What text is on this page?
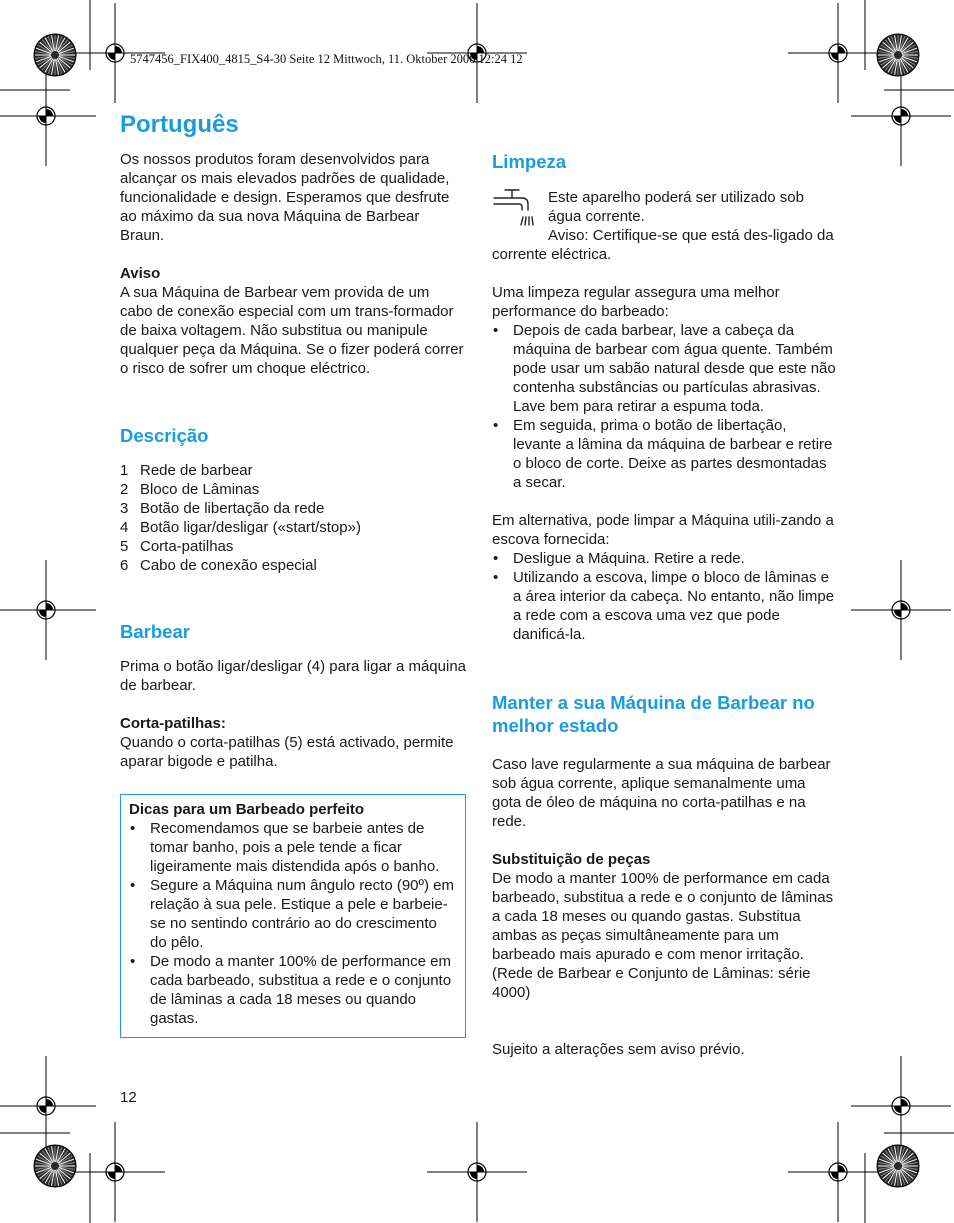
5747456_FIX400_4815_S4-30 Seite 12 Mittwoch, 11. Oktober 2006 12:24 12
Português

Os nossos produtos foram desenvolvidos para alcançar os mais elevados padrões de qualidade, funcionalidade e design. Esperamos que desfrute ao máximo da sua nova Máquina de Barbear Braun.

Aviso

A sua Máquina de Barbear vem provida de um cabo de conexão especial com um trans-formador de baixa voltagem. Não substitua ou manipule qualquer peça da Máquina. Se o fizer poderá correr o risco de sofrer um choque eléctrico.

Descrição
1 Rede de barbear
2 Bloco de Lâminas
3 Botão de libertação da rede
4 Botão ligar/desligar («start/stop»)
5 Corta-patilhas
6 Cabo de conexão especial
Barbear

Prima o botão ligar/desligar (4) para ligar a máquina de barbear.

Corta-patilhas:

Quando o corta-patilhas (5) está activado, permite aparar bigode e patilha.

Dicas para um Barbeado perfeito

• Recomendamos que se barbeie antes de tomar banho, pois a pele tende a ficar ligeiramente mais distendida após o banho.
• Segure a Máquina num ângulo recto (90º) em relação à sua pele. Estique a pele e barbeie-se no sentindo contrário ao do crescimento do pêlo.
• De modo a manter 100% de performance em cada barbeado, substitua a rede e o conjunto de lâminas a cada 18 meses ou quando gastas.
Limpeza

Este aparelho poderá ser utilizado sob água corrente.

Aviso: Certifique-se que está des-ligado da corrente eléctrica.

Uma limpeza regular assegura uma melhor performance do barbeado:

• Depois de cada barbear, lave a cabeça da máquina de barbear com água quente. Também pode usar um sabão natural desde que este não contenha substâncias ou partículas abrasivas. Lave bem para retirar a espuma toda.
• Em seguida, prima o botão de libertação, levante a lâmina da máquina de barbear e retire o bloco de corte. Deixe as partes desmontadas a secar.

Em alternativa, pode limpar a Máquina utili-zando a escova fornecida:

• Desligue a Máquina. Retire a rede.
• Utilizando a escova, limpe o bloco de lâminas e a área interior da cabeça. No entanto, não limpe a rede com a escova uma vez que pode danificá-la.
Manter a sua Máquina de Barbear no melhor estado

Caso lave regularmente a sua máquina de barbear sob água corrente, aplique semanalmente uma gota de óleo de máquina no corta-patilhas e na rede.

Substituição de peças

De modo a manter 100% de performance em cada barbeado, substitua a rede e o conjunto de lâminas a cada 18 meses ou quando gastas. Substitua ambas as peças simultâneamente para um barbeado mais apurado e com menor irritação. (Rede de Barbear e Conjunto de Lâminas: série 4000)

Sujeito a alterações sem aviso prévio.

12
